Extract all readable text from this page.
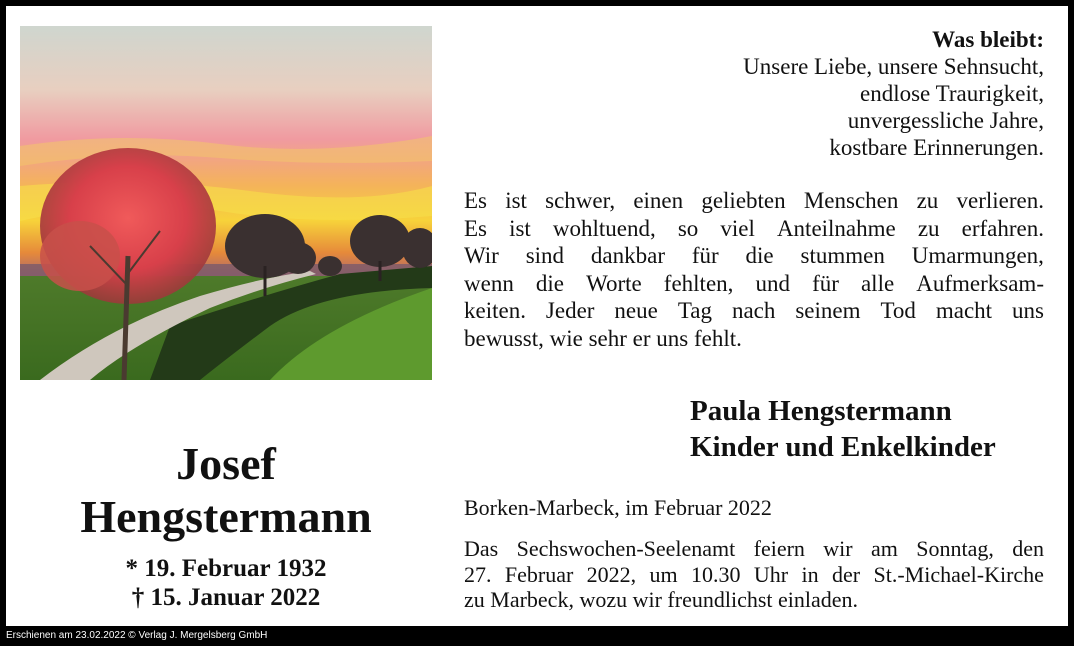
Was bleibt:
Unsere Liebe, unsere Sehnsucht,
endlose Traurigkeit,
unvergessliche Jahre,
kostbare Erinnerungen.
Es ist schwer, einen geliebten Menschen zu verlieren.
Es ist wohltuend, so viel Anteilnahme zu erfahren.
Wir sind dankbar für die stummen Umarmungen,
wenn die Worte fehlten, und für alle Aufmerksam-
keiten. Jeder neue Tag nach seinem Tod macht uns
bewusst, wie sehr er uns fehlt.
Paula Hengstermann
Kinder und Enkelkinder
Josef
Hengstermann
* 19. Februar 1932
† 15. Januar 2022
Borken-Marbeck, im Februar 2022
Das Sechswochen-Seelenamt feiern wir am Sonntag, den
27. Februar 2022, um 10.30 Uhr in der St.-Michael-Kirche
zu Marbeck, wozu wir freundlichst einladen.
Erschienen am 23.02.2022 © Verlag J. Mergelsberg GmbH
